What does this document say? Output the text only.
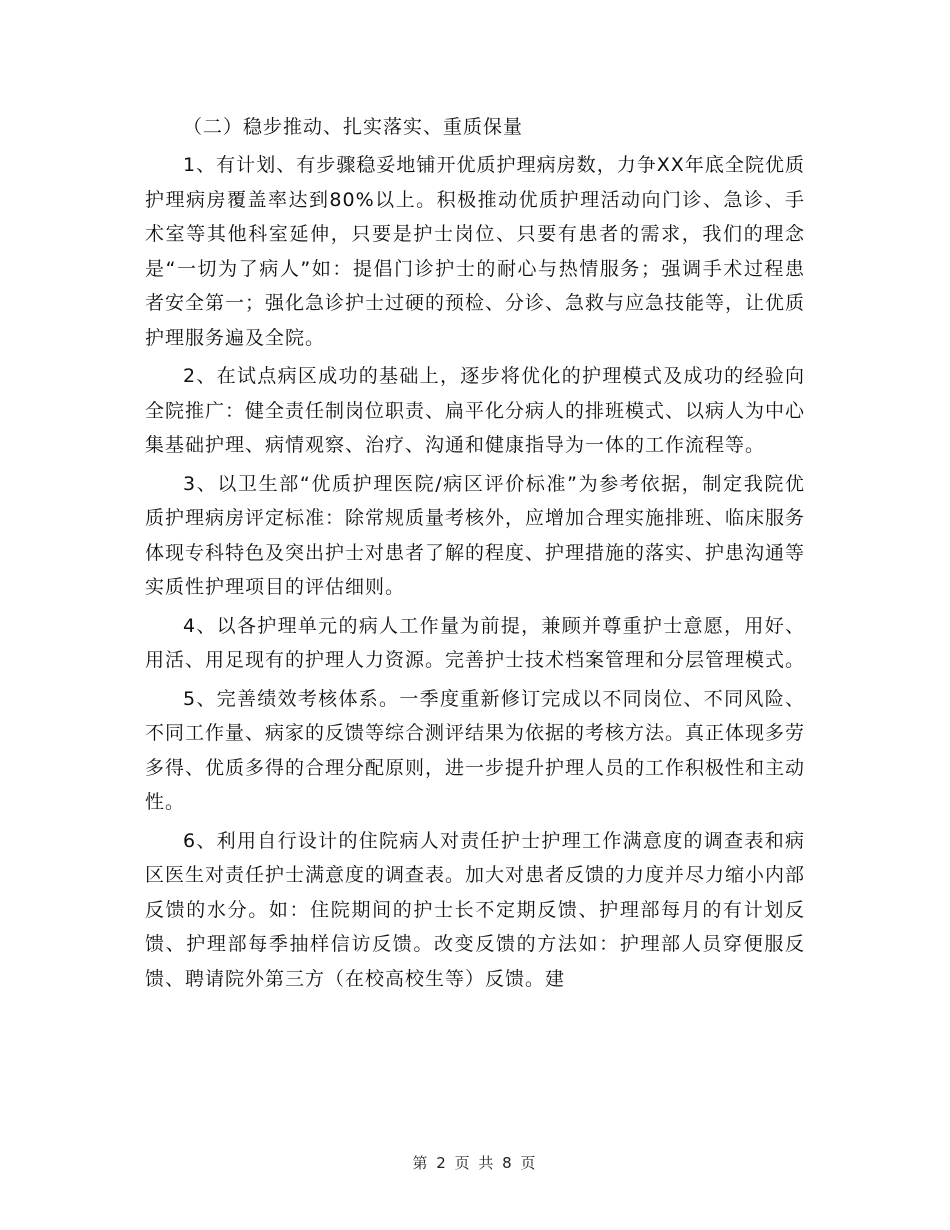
（二）稳步推动、扎实落实、重质保量

1、有计划、有步骤稳妥地铺开优质护理病房数，力争XX年底全院优质护理病房覆盖率达到80%以上。积极推动优质护理活动向门诊、急诊、手术室等其他科室延伸，只要是护士岗位、只要有患者的需求，我们的理念是“一切为了病人”如：提倡门诊护士的耐心与热情服务；强调手术过程患者安全第一；强化急诊护士过硬的预检、分诊、急救与应急技能等，让优质护理服务遍及全院。

2、在试点病区成功的基础上，逐步将优化的护理模式及成功的经验向全院推广：健全责任制岗位职责、扁平化分病人的排班模式、以病人为中心集基础护理、病情观察、治疗、沟通和健康指导为一体的工作流程等。

3、以卫生部“优质护理医院/病区评价标准”为参考依据，制定我院优质护理病房评定标准：除常规质量考核外，应增加合理实施排班、临床服务体现专科特色及突出护士对患者了解的程度、护理措施的落实、护患沟通等实质性护理项目的评估细则。

4、以各护理单元的病人工作量为前提，兼顾并尊重护士意愿，用好、用活、用足现有的护理人力资源。完善护士技术档案管理和分层管理模式。

5、完善绩效考核体系。一季度重新修订完成以不同岗位、不同风险、不同工作量、病家的反馈等综合测评结果为依据的考核方法。真正体现多劳多得、优质多得的合理分配原则，进一步提升护理人员的工作积极性和主动性。

6、利用自行设计的住院病人对责任护士护理工作满意度的调查表和病区医生对责任护士满意度的调查表。加大对患者反馈的力度并尽力缩小内部反馈的水分。如：住院期间的护士长不定期反馈、护理部每月的有计划反馈、护理部每季抽样信访反馈。改变反馈的方法如：护理部人员穿便服反馈、聘请院外第三方（在校高校生等）反馈。建

第 2 页 共 8 页
